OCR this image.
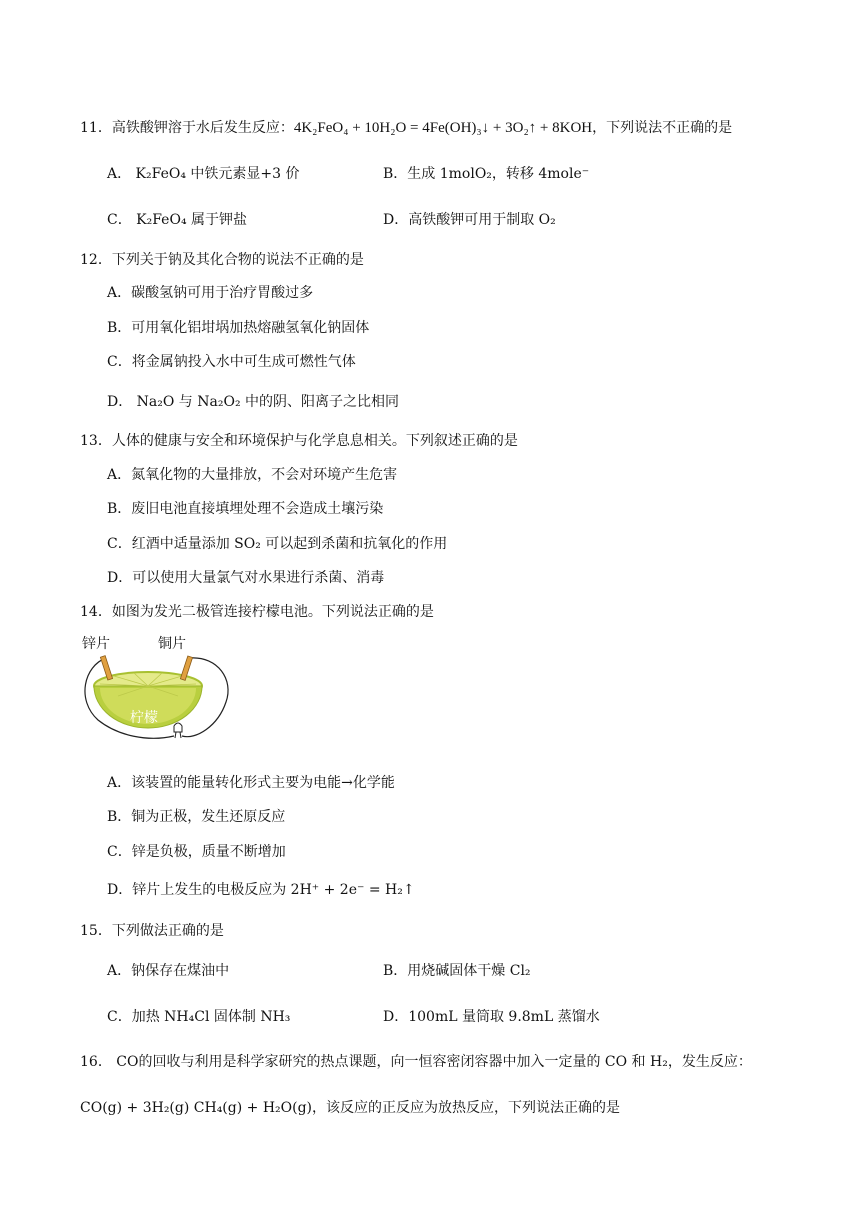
11．高铁酸钾溶于水后发生反应：4K₂FeO₄ + 10H₂O = 4Fe(OH)₃↓ + 3O₂↑ + 8KOH，下列说法不正确的是
A． K₂FeO₄ 中铁元素显+3 价	B．生成 1molO₂，转移 4mole⁻
C． K₂FeO₄ 属于钾盐	D．高铁酸钾可用于制取 O₂
12．下列关于钠及其化合物的说法不正确的是
A．碳酸氢钠可用于治疗胃酸过多
B．可用氧化铝坩埚加热熔融氢氧化钠固体
C．将金属钠投入水中可生成可燃性气体
D． Na₂O 与 Na₂O₂ 中的阴、阳离子之比相同
13．人体的健康与安全和环境保护与化学息息相关。下列叙述正确的是
A．氮氧化物的大量排放，不会对环境产生危害
B．废旧电池直接填埋处理不会造成土壤污染
C．红酒中适量添加 SO₂ 可以起到杀菌和抗氧化的作用
D．可以使用大量氯气对水果进行杀菌、消毒
14．如图为发光二极管连接柠檬电池。下列说法正确的是
锌片	铜片
柠檬
A．该装置的能量转化形式主要为电能→化学能
B．铜为正极，发生还原反应
C．锌是负极，质量不断增加
D．锌片上发生的电极反应为 2H⁺ + 2e⁻ = H₂↑
15．下列做法正确的是
A．钠保存在煤油中	B．用烧碱固体干燥 Cl₂
C．加热 NH₄Cl 固体制 NH₃	D．100mL 量筒取 9.8mL 蒸馏水
16． CO的回收与利用是科学家研究的热点课题，向一恒容密闭容器中加入一定量的 CO 和 H₂，发生反应：
CO(g) + 3H₂(g) CH₄(g) + H₂O(g)，该反应的正反应为放热反应，下列说法正确的是
